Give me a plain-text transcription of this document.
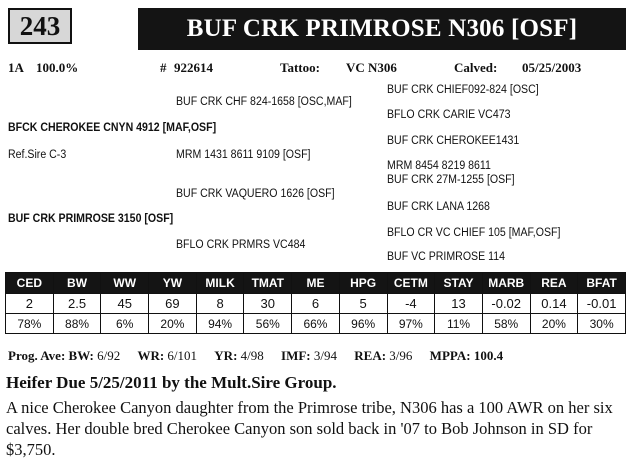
243	BUF CRK PRIMROSE N306 [OSF]
1A 100.0%	# 922614	Tattoo: VC N306	Calved: 05/25/2003
BUF CRK CHIEF092-824 [OSC]
BUF CRK CHF 824-1658 [OSC,MAF]
BFLO CRK CARIE VC473
BFCK CHEROKEE CNYN 4912 [MAF,OSF]
BUF CRK CHEROKEE1431
Ref.Sire C-3	MRM 1431 8611 9109 [OSF]
MRM 8454 8219 8611
BUF CRK 27M-1255 [OSF]
BUF CRK VAQUERO 1626 [OSF]
BUF CRK LANA 1268
BUF CRK PRIMROSE 3150 [OSF]
BFLO CR VC CHIEF 105 [MAF,OSF]
BFLO CRK PRMRS VC484
BUF VC PRIMROSE 114
CED	BW	WW	YW	MILK	TMAT	ME	HPG	CETM	STAY	MARB	REA	BFAT
2	2.5	45	69	8	30	6	5	-4	13	-0.02	0.14	-0.01
78%	88%	6%	20%	94%	56%	66%	96%	97%	11%	58%	20%	30%
Prog. Ave: BW: 6/92 WR: 6/101 YR: 4/98 IMF: 3/94 REA: 3/96 MPPA: 100.4
Heifer Due 5/25/2011 by the Mult.Sire Group.
A nice Cherokee Canyon daughter from the Primrose tribe, N306 has a 100 AWR on her six calves. Her double bred Cherokee Canyon son sold back in '07 to Bob Johnson in SD for $3,750.
